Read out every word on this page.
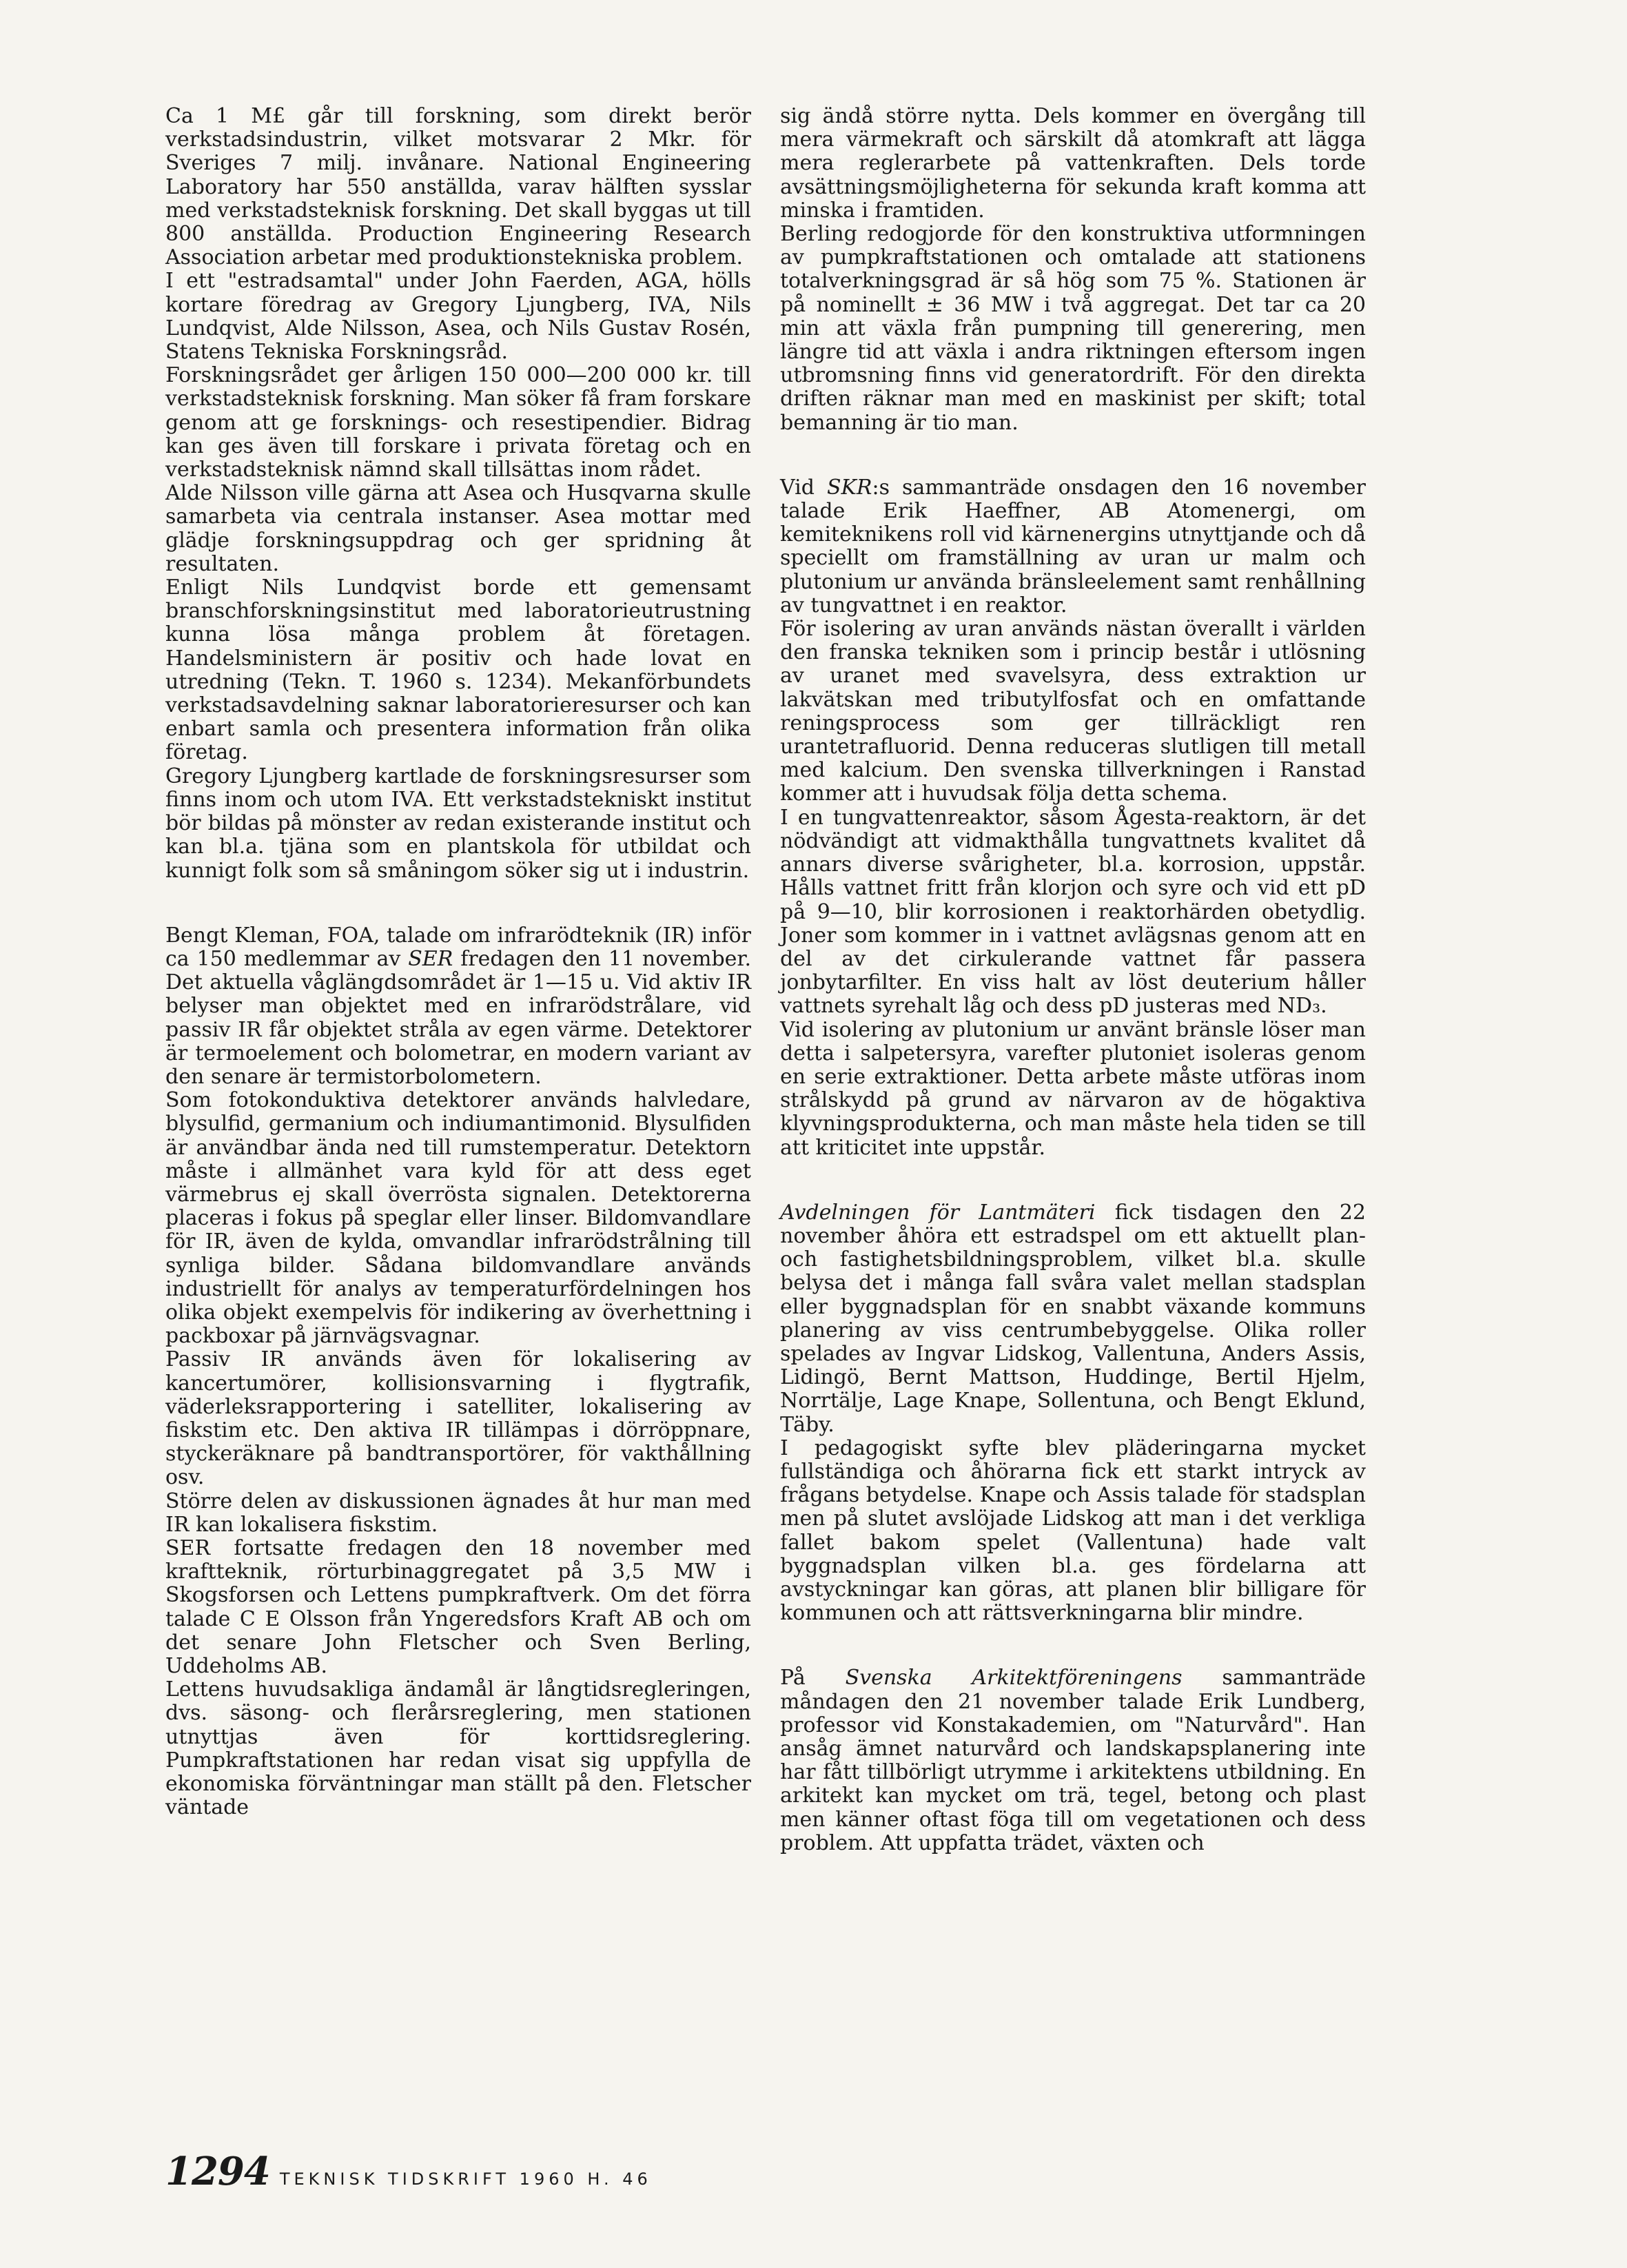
Ca 1 M£ går till forskning, som direkt berör verkstadsindustrin, vilket motsvarar 2 Mkr. för Sveriges 7 milj. invånare. National Engineering Laboratory har 550 anställda, varav hälften sysslar med verkstadsteknisk forskning. Det skall byggas ut till 800 anställda. Production Engineering Research Association arbetar med produktionstekniska problem.

I ett "estradsamtal" under John Faerden, AGA, hölls kortare föredrag av Gregory Ljungberg, IVA, Nils Lundqvist, Alde Nilsson, Asea, och Nils Gustav Rosén, Statens Tekniska Forskningsråd.

Forskningsrådet ger årligen 150 000—200 000 kr. till verkstadsteknisk forskning. Man söker få fram forskare genom att ge forsknings- och resestipendier. Bidrag kan ges även till forskare i privata företag och en verkstadsteknisk nämnd skall tillsättas inom rådet.

Alde Nilsson ville gärna att Asea och Husqvarna skulle samarbeta via centrala instanser. Asea mottar med glädje forskningsuppdrag och ger spridning åt resultaten.

Enligt Nils Lundqvist borde ett gemensamt branschforskningsinstitut med laboratorieutrustning kunna lösa många problem åt företagen. Handelsministern är positiv och hade lovat en utredning (Tekn. T. 1960 s. 1234). Mekanförbundets verkstadsavdelning saknar laboratorieresurser och kan enbart samla och presentera information från olika företag.

Gregory Ljungberg kartlade de forskningsresurser som finns inom och utom IVA. Ett verkstadstekniskt institut bör bildas på mönster av redan existerande institut och kan bl.a. tjäna som en plantskola för utbildat och kunnigt folk som så småningom söker sig ut i industrin.

Bengt Kleman, FOA, talade om infrarödteknik (IR) inför ca 150 medlemmar av SER fredagen den 11 november. Det aktuella våglängdsområdet är 1—15 u. Vid aktiv IR belyser man objektet med en infrarödstrålare, vid passiv IR får objektet stråla av egen värme. Detektorer är termoelement och bolometrar, en modern variant av den senare är termistorbolometern.

Som fotokonduktiva detektorer används halvledare, blysulfid, germanium och indiumantimonid. Blysulfiden är användbar ända ned till rumstemperatur. Detektorn måste i allmänhet vara kyld för att dess eget värmebrus ej skall överrösta signalen. Detektorerna placeras i fokus på speglar eller linser. Bildomvandlare för IR, även de kylda, omvandlar infrarödstrålning till synliga bilder. Sådana bildomvandlare används industriellt för analys av temperaturfördelningen hos olika objekt exempelvis för indikering av överhettning i packboxar på järnvägsvagnar.

Passiv IR används även för lokalisering av kancertumörer, kollisionsvarning i flygtrafik, väderleksrapportering i satelliter, lokalisering av fiskstim etc. Den aktiva IR tillämpas i dörröppnare, styckeräknare på bandtransportörer, för vakthållning osv.

Större delen av diskussionen ägnades åt hur man med IR kan lokalisera fiskstim.

SER fortsatte fredagen den 18 november med kraftteknik, rörturbinaggregatet på 3,5 MW i Skogsforsen och Lettens pumpkraftverk. Om det förra talade C E Olsson från Yngeredsfors Kraft AB och om det senare John Fletscher och Sven Berling, Uddeholms AB.

Lettens huvudsakliga ändamål är långtidsregleringen, dvs. säsong- och flerårsreglering, men stationen utnyttjas även för korttidsreglering. Pumpkraftstationen har redan visat sig uppfylla de ekonomiska förväntningar man ställt på den. Fletscher väntade

sig ändå större nytta. Dels kommer en övergång till mera värmekraft och särskilt då atomkraft att lägga mera reglerarbete på vattenkraften. Dels torde avsättningsmöjligheterna för sekunda kraft komma att minska i framtiden.

Berling redogjorde för den konstruktiva utformningen av pumpkraftstationen och omtalade att stationens totalverkningsgrad är så hög som 75 %. Stationen är på nominellt ± 36 MW i två aggregat. Det tar ca 20 min att växla från pumpning till generering, men längre tid att växla i andra riktningen eftersom ingen utbromsning finns vid generatordrift. För den direkta driften räknar man med en maskinist per skift; total bemanning är tio man.

Vid SKR:s sammanträde onsdagen den 16 november talade Erik Haeffner, AB Atomenergi, om kemiteknikens roll vid kärnenergins utnyttjande och då speciellt om framställning av uran ur malm och plutonium ur använda bränsleelement samt renhållning av tungvattnet i en reaktor.

För isolering av uran används nästan överallt i världen den franska tekniken som i princip består i utlösning av uranet med svavelsyra, dess extraktion ur lakvätskan med tributylfosfat och en omfattande reningsprocess som ger tillräckligt ren urantetrafluorid. Denna reduceras slutligen till metall med kalcium. Den svenska tillverkningen i Ranstad kommer att i huvudsak följa detta schema.

I en tungvattenreaktor, såsom Ågesta-reaktorn, är det nödvändigt att vidmakthålla tungvattnets kvalitet då annars diverse svårigheter, bl.a. korrosion, uppstår. Hålls vattnet fritt från klorjon och syre och vid ett pD på 9—10, blir korrosionen i reaktorhärden obetydlig. Joner som kommer in i vattnet avlägsnas genom att en del av det cirkulerande vattnet får passera jonbytarfilter. En viss halt av löst deuterium håller vattnets syrehalt låg och dess pD justeras med ND₃.

Vid isolering av plutonium ur använt bränsle löser man detta i salpetersyra, varefter plutoniet isoleras genom en serie extraktioner. Detta arbete måste utföras inom strålskydd på grund av närvaron av de högaktiva klyvningsprodukterna, och man måste hela tiden se till att kriticitet inte uppstår.

Avdelningen för Lantmäteri fick tisdagen den 22 november åhöra ett estradspel om ett aktuellt plan- och fastighetsbildningsproblem, vilket bl.a. skulle belysa det i många fall svåra valet mellan stadsplan eller byggnadsplan för en snabbt växande kommuns planering av viss centrumbebyggelse. Olika roller spelades av Ingvar Lidskog, Vallentuna, Anders Assis, Lidingö, Bernt Mattson, Huddinge, Bertil Hjelm, Norrtälje, Lage Knape, Sollentuna, och Bengt Eklund, Täby.

I pedagogiskt syfte blev pläderingarna mycket fullständiga och åhörarna fick ett starkt intryck av frågans betydelse. Knape och Assis talade för stadsplan men på slutet avslöjade Lidskog att man i det verkliga fallet bakom spelet (Vallentuna) hade valt byggnadsplan vilken bl.a. ges fördelarna att avstyckningar kan göras, att planen blir billigare för kommunen och att rättsverkningarna blir mindre.

På Svenska Arkitektföreningens sammanträde måndagen den 21 november talade Erik Lundberg, professor vid Konstakademien, om "Naturvård". Han ansåg ämnet naturvård och landskapsplanering inte har fått tillbörligt utrymme i arkitektens utbildning. En arkitekt kan mycket om trä, tegel, betong och plast men känner oftast föga till om vegetationen och dess problem. Att uppfatta trädet, växten och

1294 TEKNISK TIDSKRIFT 1960 H. 46
